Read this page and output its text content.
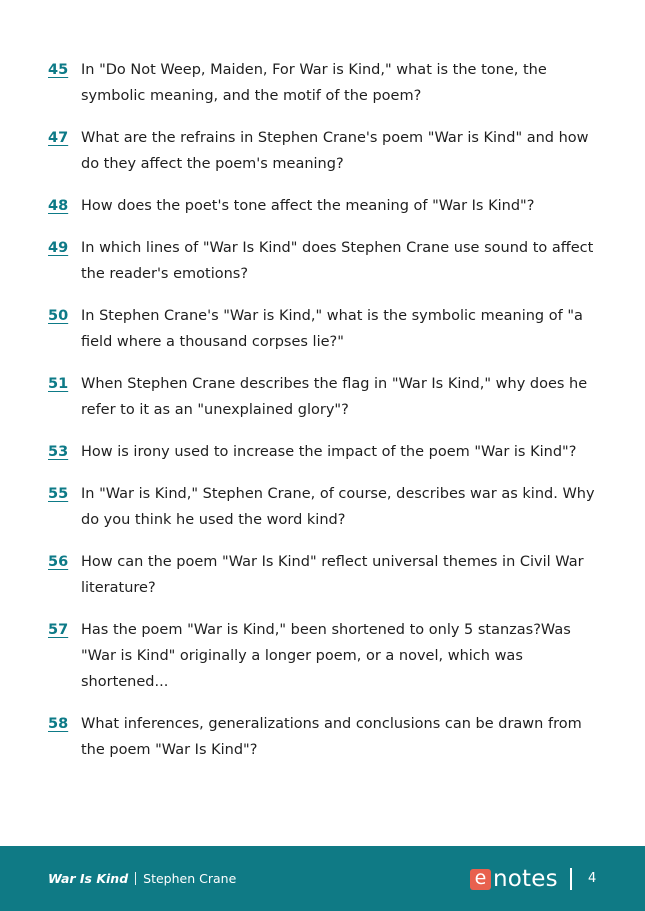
45 In "Do Not Weep, Maiden, For War is Kind," what is the tone, the symbolic meaning, and the motif of the poem?
47 What are the refrains in Stephen Crane's poem "War is Kind" and how do they affect the poem's meaning?
48 How does the poet's tone affect the meaning of "War Is Kind"?
49 In which lines of "War Is Kind" does Stephen Crane use sound to affect the reader's emotions?
50 In Stephen Crane's "War is Kind," what is the symbolic meaning of "a field where a thousand corpses lie?"
51 When Stephen Crane describes the flag in "War Is Kind," why does he refer to it as an "unexplained glory"?
53 How is irony used to increase the impact of the poem "War is Kind"?
55 In "War is Kind," Stephen Crane, of course, describes war as kind. Why do you think he used the word kind?
56 How can the poem "War Is Kind" reflect universal themes in Civil War literature?
57 Has the poem "War is Kind," been shortened to only 5 stanzas?Was "War is Kind" originally a longer poem, or a novel, which was shortened...
58 What inferences, generalizations and conclusions can be drawn from the poem "War Is Kind"?
War Is Kind Stephen Crane	e notes 4
